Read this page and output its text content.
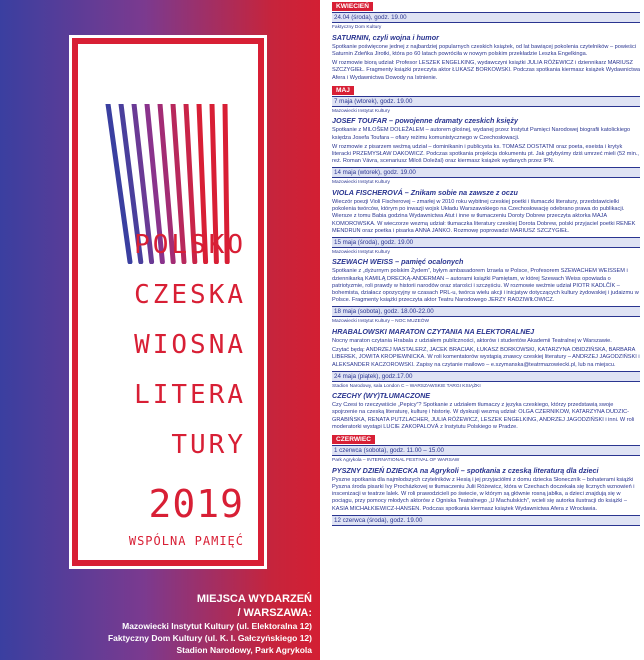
POLSKO
CZESKA
WIOSNA
LITERA
TURY
2019
WSPÓLNA PAMIĘĆ
MIEJSCA WYDARZEŃ
/ WARSZAWA:
Mazowiecki Instytut Kultury (ul. Elektoralna 12)
Faktyczny Dom Kultury (ul. K. I. Gałczyńskiego 12)
Stadion Narodowy, Park Agrykola
KWIECIEŃ
24.04 (środa), godz. 19.00
Faktyczny Dom Kultury
SATURNIN, czyli wojna i humor
Spotkanie poświęcone jednej z najbardziej popularnych czeskich książek, od lat bawiącej pokolenia czytelników – powieści Saturnin Zdeňka Jirotki, która po 60 latach powróciła w nowym polskim przekładzie Leszka Engelkinga.
W rozmowie biorą udział: Profesor LESZEK ENGELKING, wydawczyni książki JULIA RÓŻEWICZ i dziennikarz MARIUSZ SZCZYGIEŁ. Fragmenty książki przeczyta aktor ŁUKASZ BORKOWSKI. Podczas spotkania kiermasz książek Wydawnictwa Afera i Wydawnictwa Dowody na Istnienie.
MAJ
7 maja (wtorek), godz. 19.00
Mazowiecki Instytut Kultury
JOSEF TOUFAR – powojenne dramaty czeskich księży
Spotkanie z MILOŠEM DOLEŽALEM – autorem głośnej, wydanej przez Instytut Pamięci Narodowej biografii katolickiego księdza Josefa Toufara – ofiary reżimu komunistycznego w Czechosłowacji.
W rozmowie z pisarzem weźmą udział – dominikanin i publicysta ks. TOMASZ DOSTATNI oraz poeta, eseista i krytyk literacki PRZEMYSŁAW DAKOWICZ. Podczas spotkania projekcja dokumentu pt. Jak gdybyśmy dziś umrzeć mieli (52 min., reż. Roman Vávra, scenariusz Miloš Doležal) oraz kiermasz książek wydanych przez IPN.
14 maja (wtorek), godz. 19.00
Mazowiecki Instytut Kultury
VIOLA FISCHEROVÁ – Znikam sobie na zawsze z oczu
Wieczór poezji Violi Fischerovej – zmarłej w 2010 roku wybitnej czeskiej poetki i tłumaczki literatury, przedstawicielki pokolenia twórców, którym po inwazji wojsk Układu Warszawskiego na Czechosłowację odebrano prawa do publikacji. Wiersze z tomu Babia godzina Wydawnictwa Atut i inne w tłumaczeniu Doroty Dobrew przeczyta aktorka MAJA KOMOROWSKA. W wieczorze wezmą udział: tłumaczka literatury czeskiej Dorota Dobrew, polski przyjaciel poetki RENEK MENDRUN oraz poetka i pisarka ANNA JANKO. Rozmowę poprowadzi MARIUSZ SZCZYGIEŁ.
15 maja (środa), godz. 19.00
Mazowiecki Instytut Kultury
SZEWACH WEISS – pamięć ocalonych
Spotkanie z „dyżurnym polskim Żydem”, byłym ambasadorem Izraela w Polsce, Profesorem SZEWACHEM WEISSEM i dziennikarką KAMILĄ DRECKĄ-ANDERMAN – autorami książki Pamiętam, w której Szewach Weiss opowiada o patriotyzmie, roli prawdy w historii narodów oraz starości i szczęściu. W rozmowie weźmie udział PIOTR KADLČÍK – bohemista, działacz opozycyjny w czasach PRL-u, twórca wielu akcji i inicjatyw dotyczących kultury żydowskiej i judaizmu w Polsce. Fragmenty książki przeczyta aktor Teatru Narodowego JERZY RADZIWIŁOWICZ.
18 maja (sobota), godz. 18.00-22.00
Mazowiecki Instytut Kultury – NOC MUZEÓW
HRABALOWSKI MARATON CZYTANIA NA ELEKTORALNEJ
Nocny maraton czytania Hrabala z udziałem publiczności, aktorów i studentów Akademii Teatralnej w Warszawie.
Czytać będą: ANDRZEJ MASTALERZ, JACEK BRACIAK, ŁUKASZ BORKOWSKI, KATARZYNA OBIDZIŃSKA, BARBARA LIBEREK, JOWITA KROPIEWNICKA. W roli komentatorów wystąpią znawcy czeskiej literatury – ANDRZEJ JAGODZIŃSKI i ALEKSANDER KACZOROWSKI. Zapisy na czytanie mailowo – e.szymanska@teatrmazowiecki.pl, lub na miejscu.
24 maja (piątek), godz.17.00
Stadion Narodowy, sala London C – WARSZAWSKIE TARGI KSIĄŻKI
CZECHY (WY)TŁUMACZONE
Czy Czesi to rzeczywiście „Pepicy”? Spotkanie z udziałem tłumaczy z języka czeskiego, którzy przedstawią swoje spojrzenie na czeską literaturę, kulturę i historię. W dyskusji wezmą udział: OLGA CZERNIKOW, KATARZYNA DUDZIC-GRABIŃSKA, RENATA PUTZLACHER, JULIA RÓŻEWICZ, LESZEK ENGELKING, ANDRZEJ JAGODZIŃSKI i inni. W roli moderatorki wystąpi LUCIE ZAKOPALOVÁ z Instytutu Polskiego w Pradze.
CZERWIEC
1 czerwca (sobota), godz. 11.00 – 15.00
Park Agrykola – INTERNATIONAL FESTIVAL OF WARSAW
PYSZNY DZIEŃ DZIECKA na Agrykoli – spotkania z czeską literaturą dla dzieci
Pyszne spotkania dla najmłodszych czytelników z Hesią i jej przyjaciółmi z domu dziecka Słoneczník – bohaterami książki Pyszna środa pisarki Ivy Procházkovej w tłumaczeniu Julii Różewicz, która w Czechach doczekała się licznych wznowień i inscenizacji w teatrze lalek. W roli prawodzicieli po świecie, w którym są głównie rosną jabłka, a dzieci znajdują się w pociągu, przy pomocy młodych aktorów z Ogniska Teatralnego „U Machulskich”, wcieli się autorka ilustracji do książki – KASIA MICHAŁKIEWICZ-HANSEN. Podczas spotkania kiermasz książek Wydawnictwa Afera z Wrocławia.
12 czerwca (środa), godz. 19.00
